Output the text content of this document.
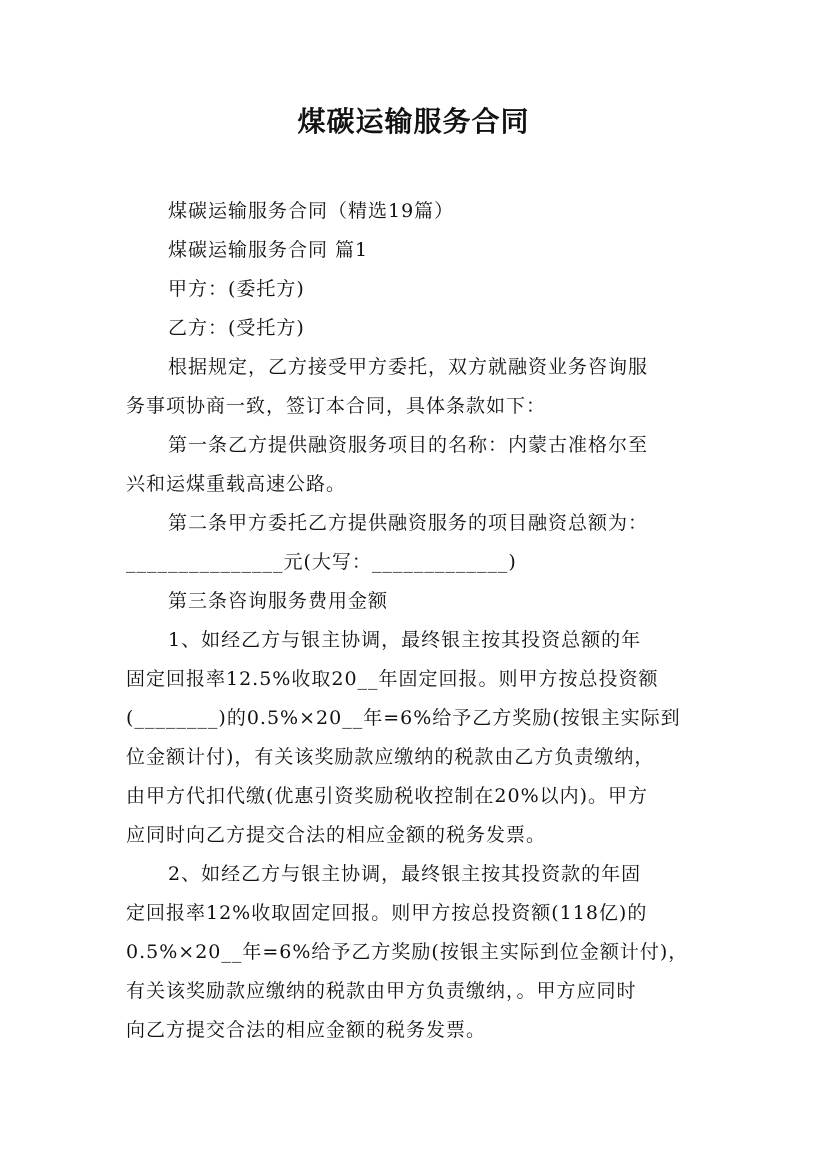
煤碳运输服务合同
煤碳运输服务合同（精选19篇）
煤碳运输服务合同 篇1
甲方：(委托方)
乙方：(受托方)
根据规定，乙方接受甲方委托，双方就融资业务咨询服
务事项协商一致，签订本合同，具体条款如下：
第一条乙方提供融资服务项目的名称：内蒙古准格尔至
兴和运煤重载高速公路。
第二条甲方委托乙方提供融资服务的项目融资总额为：
_______________元(大写：_____________)
第三条咨询服务费用金额
1、如经乙方与银主协调，最终银主按其投资总额的年
固定回报率12.5%收取20__年固定回报。则甲方按总投资额
(________)的0.5%×20__年=6%给予乙方奖励(按银主实际到
位金额计付)，有关该奖励款应缴纳的税款由乙方负责缴纳，
由甲方代扣代缴(优惠引资奖励税收控制在20%以内)。甲方
应同时向乙方提交合法的相应金额的税务发票。
2、如经乙方与银主协调，最终银主按其投资款的年固
定回报率12%收取固定回报。则甲方按总投资额(118亿)的
0.5%×20__年=6%给予乙方奖励(按银主实际到位金额计付)，
有关该奖励款应缴纳的税款由甲方负责缴纳，。甲方应同时
向乙方提交合法的相应金额的税务发票。
